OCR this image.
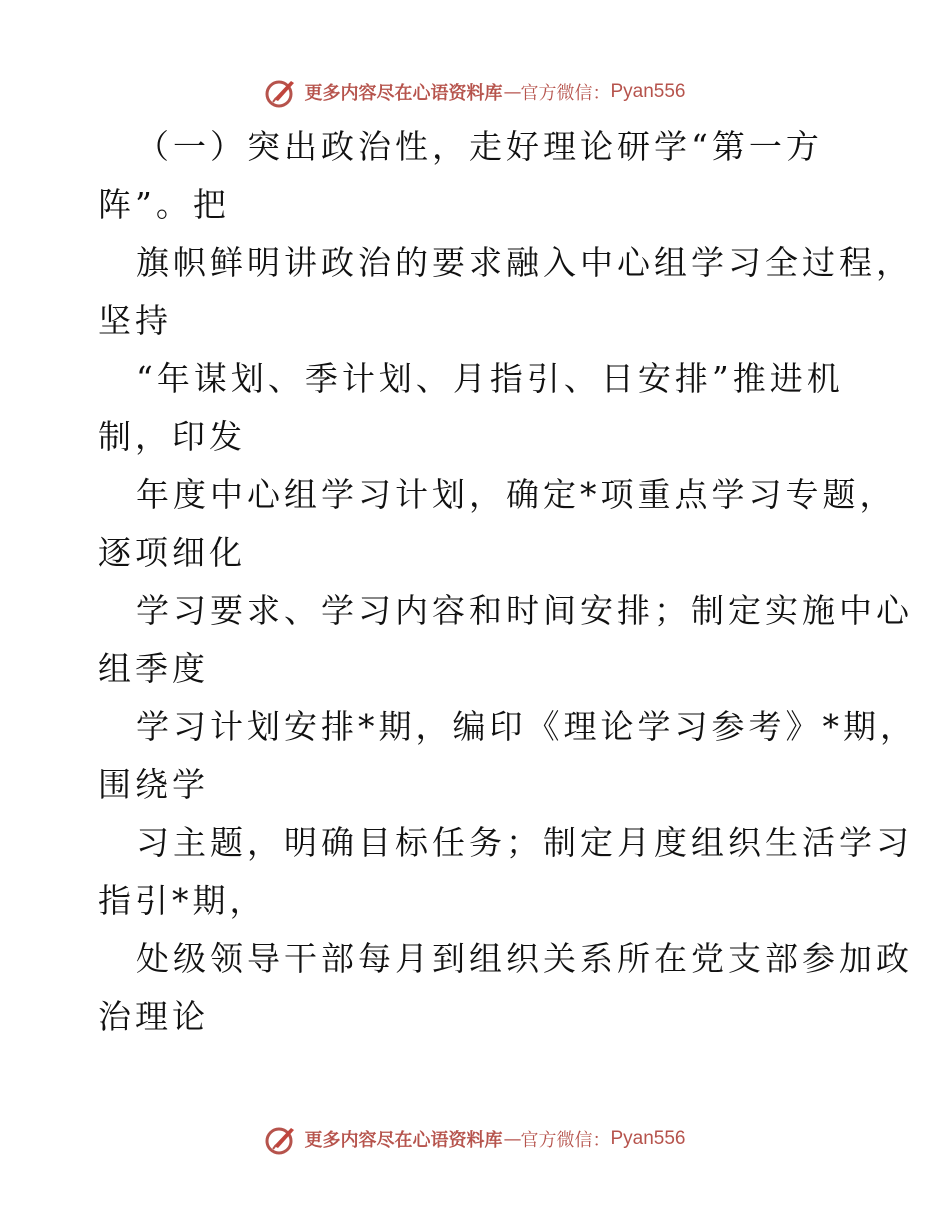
更多内容尽在心语资料库 — 官方微信： Pyan556
（一）突出政治性，走好理论研学“第一方
阵”。把
旗帜鲜明讲政治的要求融入中心组学习全过程，
坚持
“年谋划、季计划、月指引、日安排”推进机
制，印发
年度中心组学习计划，确定*项重点学习专题，
逐项细化
学习要求、学习内容和时间安排；制定实施中心
组季度
学习计划安排*期，编印《理论学习参考》*期，
围绕学
习主题，明确目标任务；制定月度组织生活学习
指引*期，
处级领导干部每月到组织关系所在党支部参加政
治理论
更多内容尽在心语资料库 — 官方微信： Pyan556
